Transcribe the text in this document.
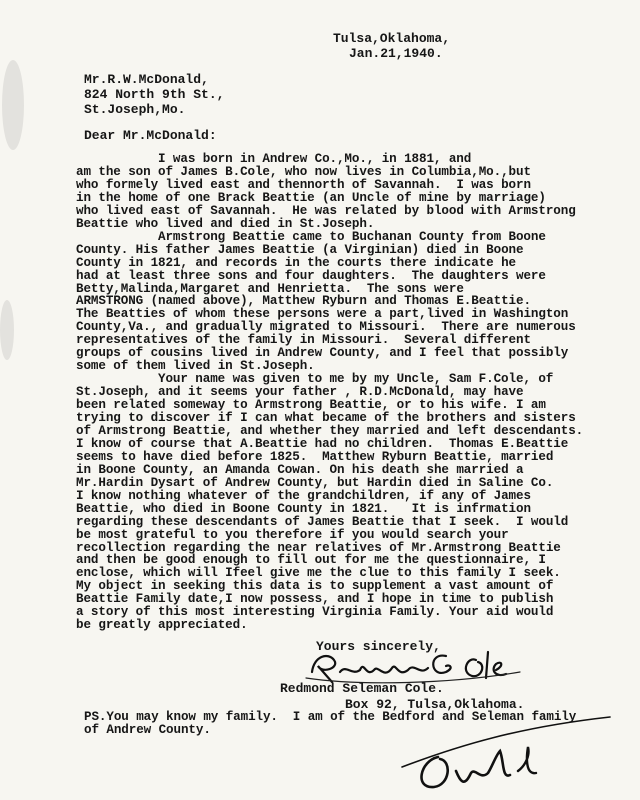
Tulsa,Oklahoma,
Jan.21,1940.
Mr.R.W.McDonald,
824 North 9th St.,
St.Joseph,Mo.
Dear Mr.McDonald:
I was born in Andrew Co.,Mo., in 1881, and
am the son of James B.Cole, who now lives in Columbia,Mo.,but
who formely lived east and thennorth of Savannah.  I was born
in the home of one Brack Beattie (an Uncle of mine by marriage)
who lived east of Savannah.  He was related by blood with Armstrong
Beattie who lived and died in St.Joseph.
Armstrong Beattie came to Buchanan County from Boone
County. His father James Beattie (a Virginian) died in Boone
County in 1821, and records in the courts there indicate he
had at least three sons and four daughters.  The daughters were
Betty,Malinda,Margaret and Henrietta.  The sons were
ARMSTRONG (named above), Matthew Ryburn and Thomas E.Beattie.
The Beatties of whom these persons were a part,lived in Washington
County,Va., and gradually migrated to Missouri.  There are numerous
representatives of the family in Missouri.  Several different
groups of cousins lived in Andrew County, and I feel that possibly
some of them lived in St.Joseph.
Your name was given to me by my Uncle, Sam F.Cole, of
St.Joseph, and it seems your father , R.D.McDonald, may have
been related someway to Armstrong Beattie, or to his wife. I am
trying to discover if I can what became of the brothers and sisters
of Armstrong Beattie, and whether they married and left descendants.
I know of course that A.Beattie had no children.  Thomas E.Beattie
seems to have died before 1825.  Matthew Ryburn Beattie, married
in Boone County, an Amanda Cowan. On his death she married a
Mr.Hardin Dysart of Andrew County, but Hardin died in Saline Co.
I know nothing whatever of the grandchildren, if any of James
Beattie, who died in Boone County in 1821.   It is infrmation
regarding these descendants of James Beattie that I seek.  I would
be most grateful to you therefore if you would search your
recollection regarding the near relatives of Mr.Armstrong Beattie
and then be good enough to fill out for me the questionnaire, I
enclose, which will Ifeel give me the clue to this family I seek.
My object in seeking this data is to supplement a vast amount of
Beattie Family date,I now possess, and I hope in time to publish
a story of this most interesting Virginia Family. Your aid would
be greatly appreciated.
Yours sincerely,
Redmond Seleman Cole.
Box 92, Tulsa,Oklahoma.
PS.You may know my family.  I am of the Bedford and Seleman family
of Andrew County.
